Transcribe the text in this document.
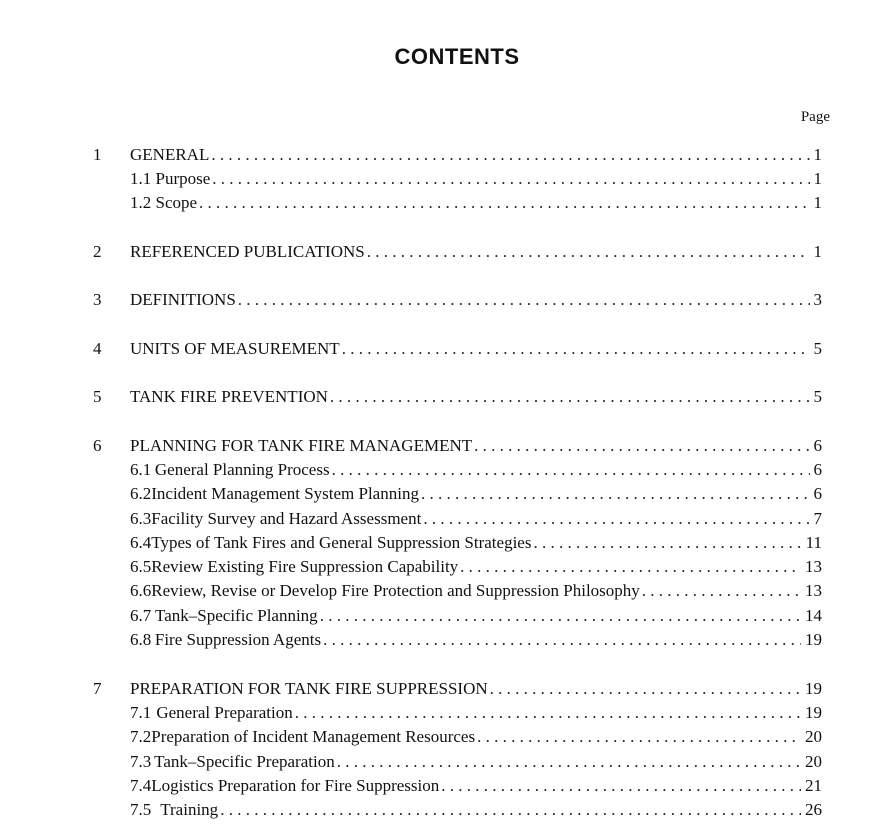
CONTENTS
Page
1 GENERAL . . .	1
1.1 Purpose . . .	1
1.2 Scope . . .	1
2 REFERENCED PUBLICATIONS . . .	1
3 DEFINITIONS . . .	3
4 UNITS OF MEASUREMENT . . .	5
5 TANK FIRE PREVENTION . . .	5
6 PLANNING FOR TANK FIRE MANAGEMENT . . .	6
6.1 General Planning Process . . .	6
6.2 Incident Management System Planning . . .	6
6.3 Facility Survey and Hazard Assessment . . .	7
6.4 Types of Tank Fires and General Suppression Strategies . . .	11
6.5 Review Existing Fire Suppression Capability . . .	13
6.6 Review, Revise or Develop Fire Protection and Suppression Philosophy . . .	13
6.7 Tank–Specific Planning . . .	14
6.8 Fire Suppression Agents . . .	19
7 PREPARATION FOR TANK FIRE SUPPRESSION . . .	19
7.1 General Preparation . . .	19
7.2 Preparation of Incident Management Resources . . .	20
7.3 Tank–Specific Preparation . . .	20
7.4 Logistics Preparation for Fire Suppression . . .	21
7.5 Training . . .	26
